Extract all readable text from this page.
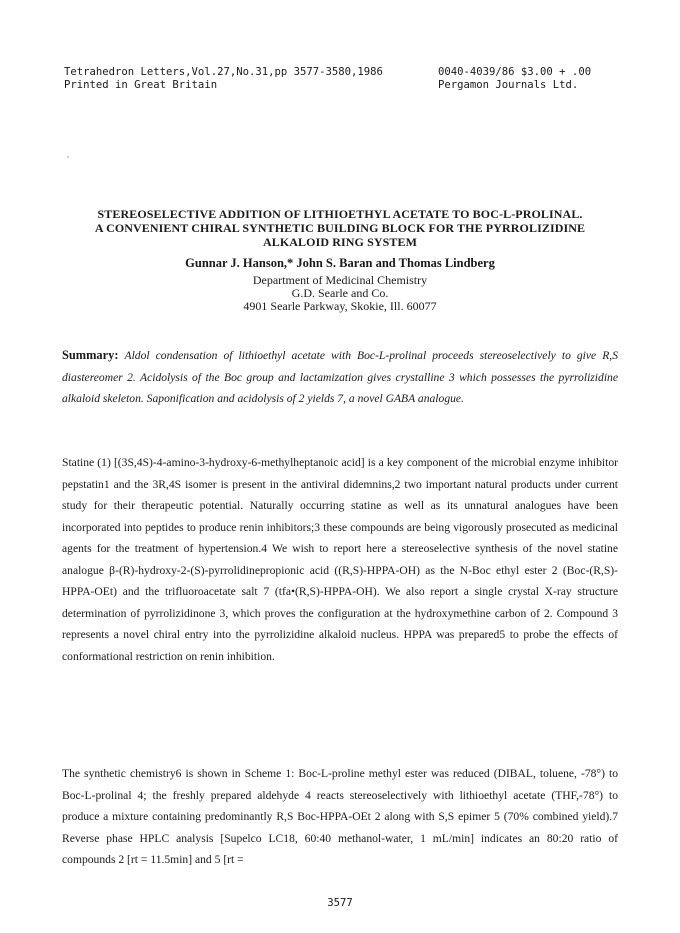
Tetrahedron Letters,Vol.27,No.31,pp 3577-3580,1986	0040-4039/86 $3.00 + .00
Printed in Great Britain	Pergamon Journals Ltd.
STEREOSELECTIVE ADDITION OF LITHIOETHYL ACETATE TO BOC-L-PROLINAL.
A CONVENIENT CHIRAL SYNTHETIC BUILDING BLOCK FOR THE PYRROLIZIDINE
ALKALOID RING SYSTEM
Gunnar J. Hanson,* John S. Baran and Thomas Lindberg
Department of Medicinal Chemistry
G.D. Searle and Co.
4901 Searle Parkway, Skokie, Ill. 60077
Summary: Aldol condensation of lithioethyl acetate with Boc-L-prolinal proceeds stereoselectively to give R,S diastereomer 2. Acidolysis of the Boc group and lactamization gives crystalline 3 which possesses the pyrrolizidine alkaloid skeleton. Saponification and acidolysis of 2 yields 7, a novel GABA analogue.
Statine (1) [(3S,4S)-4-amino-3-hydroxy-6-methylheptanoic acid] is a key component of the microbial enzyme inhibitor pepstatin1 and the 3R,4S isomer is present in the antiviral didemnins,2 two important natural products under current study for their therapeutic potential. Naturally occurring statine as well as its unnatural analogues have been incorporated into peptides to produce renin inhibitors;3 these compounds are being vigorously prosecuted as medicinal agents for the treatment of hypertension.4 We wish to report here a stereoselective synthesis of the novel statine analogue β-(R)-hydroxy-2-(S)-pyrrolidinepropionic acid ((R,S)-HPPA-OH) as the N-Boc ethyl ester 2 (Boc-(R,S)-HPPA-OEt) and the trifluoroacetate salt 7 (tfa•(R,S)-HPPA-OH). We also report a single crystal X-ray structure determination of pyrrolizidinone 3, which proves the configuration at the hydroxymethine carbon of 2. Compound 3 represents a novel chiral entry into the pyrrolizidine alkaloid nucleus. HPPA was prepared5 to probe the effects of conformational restriction on renin inhibition.
The synthetic chemistry6 is shown in Scheme 1: Boc-L-proline methyl ester was reduced (DIBAL, toluene, -78°) to Boc-L-prolinal 4; the freshly prepared aldehyde 4 reacts stereoselectively with lithioethyl acetate (THF,-78°) to produce a mixture containing predominantly R,S Boc-HPPA-OEt 2 along with S,S epimer 5 (70% combined yield).7 Reverse phase HPLC analysis [Supelco LC18, 60:40 methanol-water, 1 mL/min] indicates an 80:20 ratio of compounds 2 [rt = 11.5min] and 5 [rt =
3577
